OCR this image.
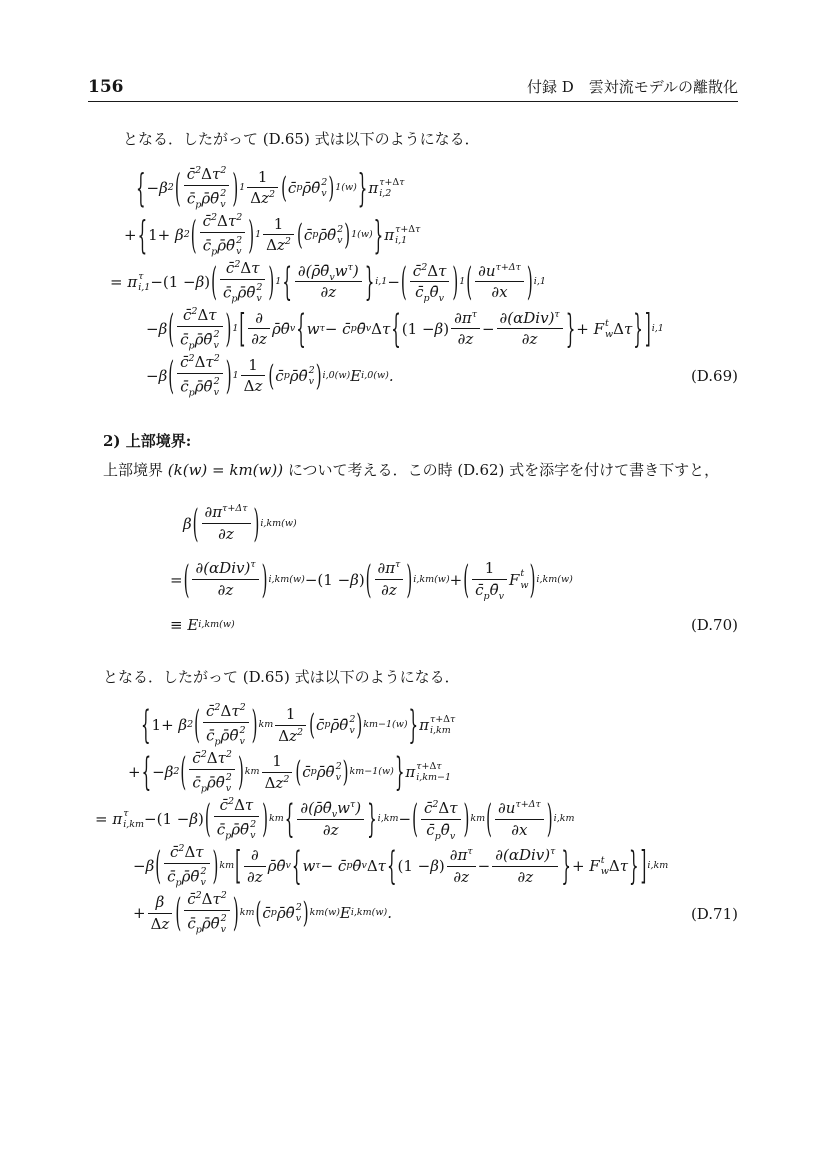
156	付録 D　雲対流モデルの離散化

となる．したがって (D.65) 式は以下のようになる．

{ −β 2 ( $c̄^2\Delta\tau^2$
$c̄_p\rhō\thetā$ 2
v ) 1
1
$\Delta z^2$ ( c̄ p ρ̄θ̄ 2
v ) 1(w) } π τ+Δτ
i,2
+ { 1 + β 2 ( $c̄^2\Delta\tau^2$
$c̄_p\rhō\thetā$ 2
v ) 1
1
$\Delta z^2$ ( c̄ p ρ̄θ̄ 2
v ) 1(w) } π τ+Δτ
i,1
= π τ
i,1 − (1 − β ) ( c̄$^2$Δτ
$c̄_p\rhō\thetā$ 2
v ) 1 { $\partial(\rhō\thetā_vw^\tau)$
∂z	} i,1 − ( c̄$^2$Δτ
$c̄_p\thetā_v$ ) 1 ( $\partial u^{\tau+\Delta\tau}$
∂x	) i,1
−β ( c̄$^2$Δτ
$c̄_p\rhō\thetā$ 2
v ) 1 [ ∂
∂z
ρ̄θ̄ v { w τ − c̄ p θ̄ v Δ τ { (1 − β )
$\partial\pi^\tau$
∂z
−
$\partial(\alpha Div)^\tau$
∂z	} + F t
w Δ τ } ] i,1
−β ( $c̄^2\Delta\tau^2$
$c̄_p\rhō\thetā$ 2
v ) 1
1
Δz ( c̄ p ρ̄θ̄ 2
v ) i,0(w) E i,0(w) .	(D.69)

2) 上部境界:

上部境界 (k(w) = km(w)) について考える．この時 (D.62) 式を添字を付けて書き下すと，

β ( $\partial\pi^{\tau+\Delta\tau}$
∂z	) i,km(w)
= ( $\partial(\alpha Div)^\tau$
∂z	) i,km(w) − (1 − β ) ( $\partial\pi^\tau$
∂z ) i,km(w) + (	1
$c̄_p\thetā_v$
F t
w ) i,km(w)
≡ E i,km(w)	(D.70)

となる．したがって (D.65) 式は以下のようになる．

{ 1 + β 2 ( $c̄^2\Delta\tau^2$
$c̄_p\rhō\thetā$ 2
v ) km
1
$\Delta z^2$ ( c̄ p ρ̄θ̄ 2
v ) km−1(w) } π τ+Δτ
i,km
+ { −β 2 ( $c̄^2\Delta\tau^2$
$c̄_p\rhō\thetā$ 2
v ) km
1
$\Delta z^2$ ( c̄ p ρ̄θ̄ 2
v ) km−1(w) } π τ+Δτ
i,km−1
= π τ
i,km − (1 − β ) ( c̄$^2$Δτ
$c̄_p\rhō\thetā$ 2
v ) km { $\partial(\rhō\thetā_vw^\tau)$
∂z	} i,km − ( c̄$^2$Δτ
$c̄_p\thetā_v$ ) km ( $\partial u^{\tau+\Delta\tau}$
∂x	) i,km
−β ( c̄$^2$Δτ
$c̄_p\rhō\thetā$ 2
v ) km [ ∂
∂z
ρ̄θ̄ v { w τ − c̄ p θ̄ v Δ τ { (1 − β )
$\partial\pi^\tau$
∂z
−
$\partial(\alpha Div)^\tau$
∂z	} + F t
w Δ τ } ] i,km
+
β
Δz ( $c̄^2\Delta\tau^2$
$c̄_p\rhō\thetā$ 2
v ) km ( c̄ p ρ̄θ̄ 2
v ) km(w) E i,km(w) .	(D.71)
